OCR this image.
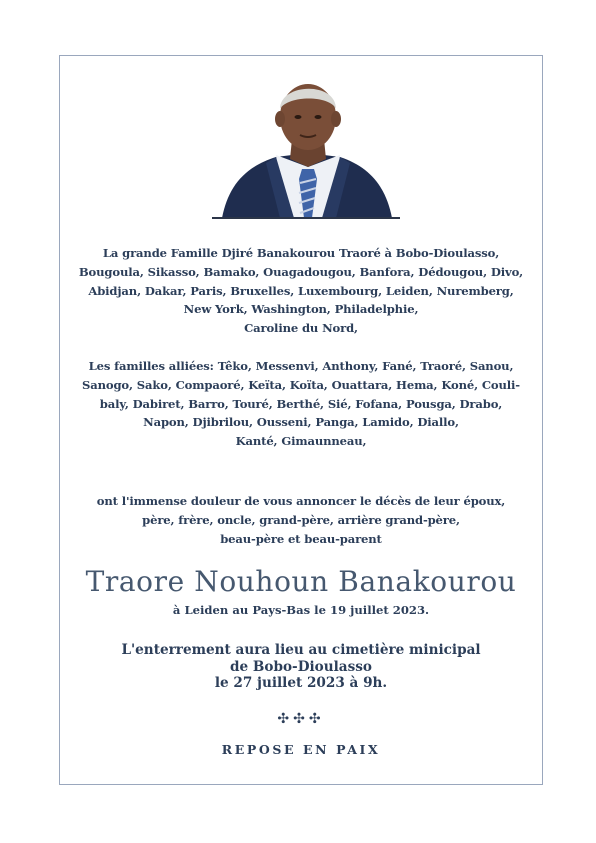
La grande Famille Djiré Banakourou Traoré à Bobo-Dioulasso,
Bougoula, Sikasso, Bamako, Ouagadougou, Banfora, Dédougou, Divo,
Abidjan, Dakar, Paris, Bruxelles, Luxembourg, Leiden, Nuremberg,
New York, Washington, Philadelphie,
Caroline du Nord,
Les familles alliées: Têko, Messenvi, Anthony, Fané, Traoré, Sanou,
Sanogo, Sako, Compaoré, Keïta, Koïta, Ouattara, Hema, Koné, Couli-
baly, Dabiret, Barro, Touré, Berthé, Sié, Fofana, Pousga, Drabo,
Napon, Djibrilou, Ousseni, Panga, Lamido, Diallo,
Kanté, Gimaunneau,
ont l'immense douleur de vous annoncer le décès de leur époux,
père, frère, oncle, grand-père, arrière grand-père,
beau-père et beau-parent
Traore Nouhoun Banakourou
à Leiden au Pays-Bas le 19 juillet 2023.
L'enterrement aura lieu au cimetière minicipal
de Bobo-Dioulasso
le 27 juillet 2023 à 9h.
✣✣✣
REPOSE EN PAIX
